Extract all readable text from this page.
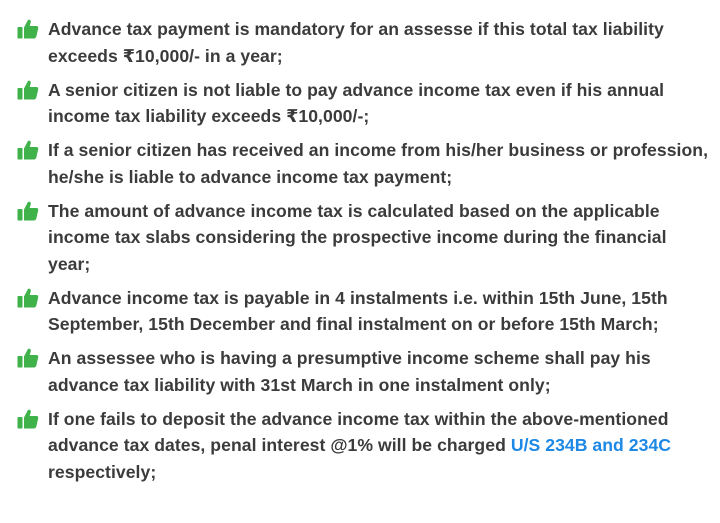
Advance tax payment is mandatory for an assesse if this total tax liability exceeds ₹10,000/- in a year;
A senior citizen is not liable to pay advance income tax even if his annual income tax liability exceeds ₹10,000/-;
If a senior citizen has received an income from his/her business or profession, he/she is liable to advance income tax payment;
The amount of advance income tax is calculated based on the applicable income tax slabs considering the prospective income during the financial year;
Advance income tax is payable in 4 instalments i.e. within 15th June, 15th September, 15th December and final instalment on or before 15th March;
An assessee who is having a presumptive income scheme shall pay his advance tax liability with 31st March in one instalment only;
If one fails to deposit the advance income tax within the above-mentioned advance tax dates, penal interest @1% will be charged U/S 234B and 234C respectively;
